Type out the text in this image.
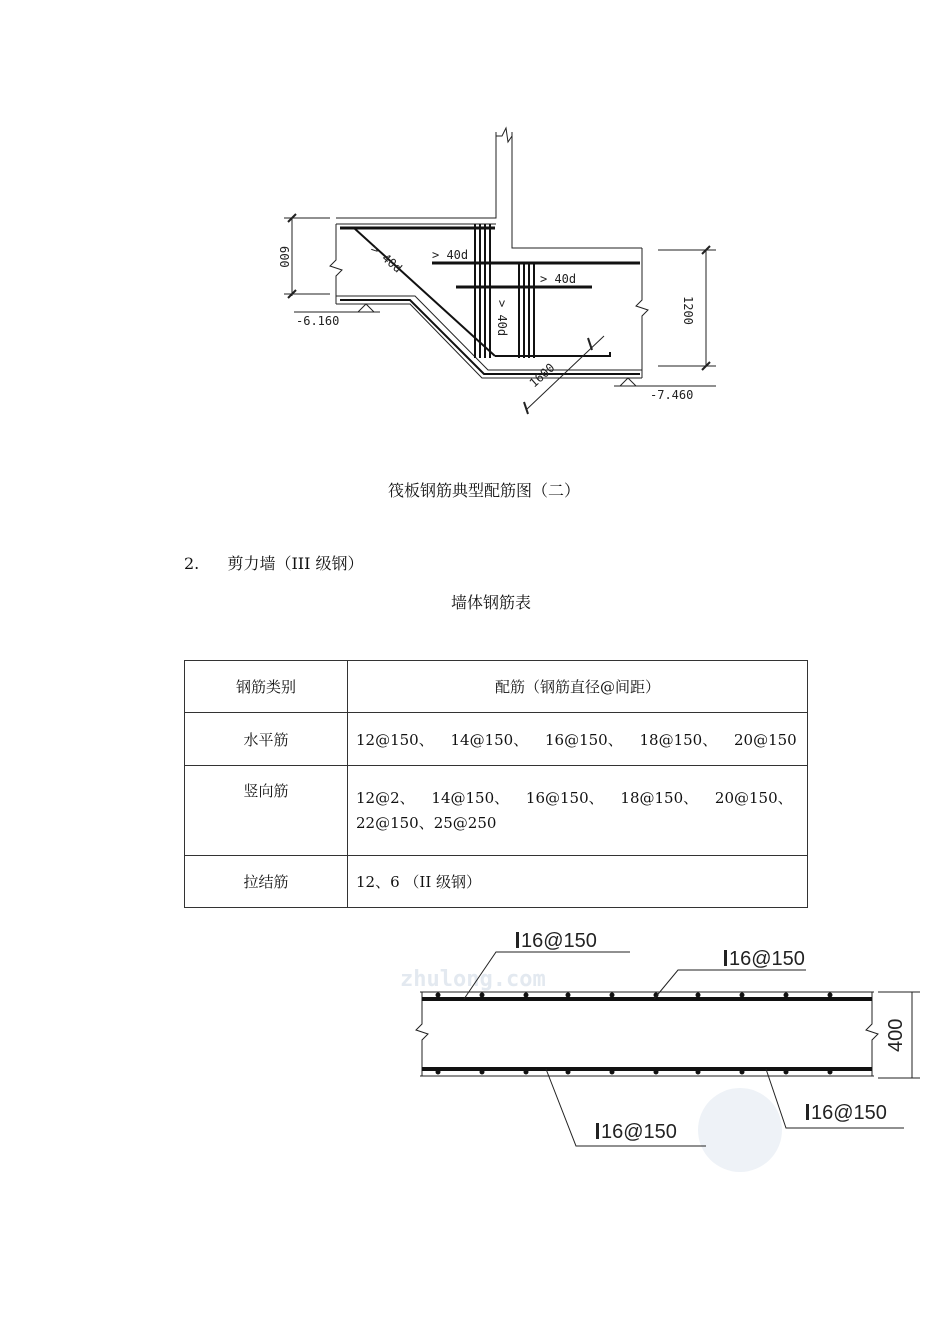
> 40d > 40d
> 40d
> 40d
600
1200
1600
-6.160
-7.460
筏板钢筋典型配筋图（二）
2. 剪力墙（III 级钢）
墙体钢筋表
钢筋类别	配筋（钢筋直径@间距）
水平筋	12@150、 14@150、 16@150、 18@150、 20@150
竖向筋	12@2、 14@150、 16@150、 18@150、 20@150、
22@150、25@250

拉结筋	12、6 （II 级钢）
zhulong.com
16@150
16@150
16@150
16@150
400
